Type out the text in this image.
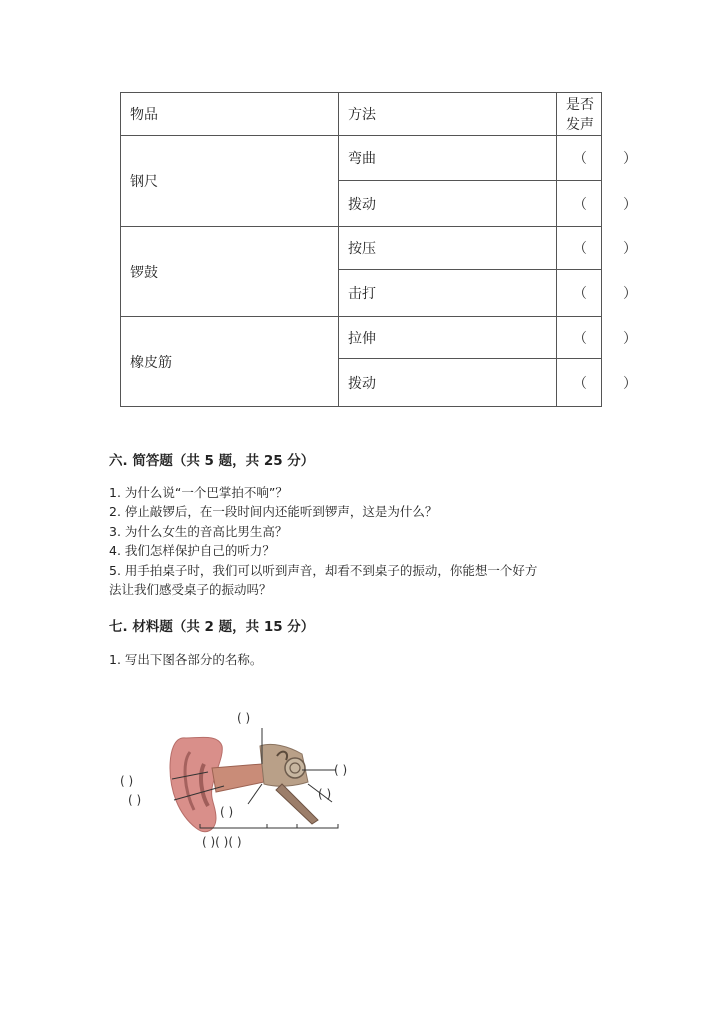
物品	方法	是否发声
钢尺	弯曲	（ ）

	拨动	（ ）

锣鼓	按压	（ ）

	击打	（ ）

橡皮筋	拉伸	（ ）

	拨动	（ ）
六. 简答题（共 5 题，共 25 分）
1. 为什么说“一个巴掌拍不响”？
2. 停止敲锣后，在一段时间内还能听到锣声，这是为什么？
3. 为什么女生的音高比男生高？
4. 我们怎样保护自己的听力？
5. 用手拍桌子时，我们可以听到声音，却看不到桌子的振动，你能想一个好方
法让我们感受桌子的振动吗？
七. 材料题（共 2 题，共 15 分）
1. 写出下图各部分的名称。
( )
( )
( )
( )
( )
( )
( )( )( )
